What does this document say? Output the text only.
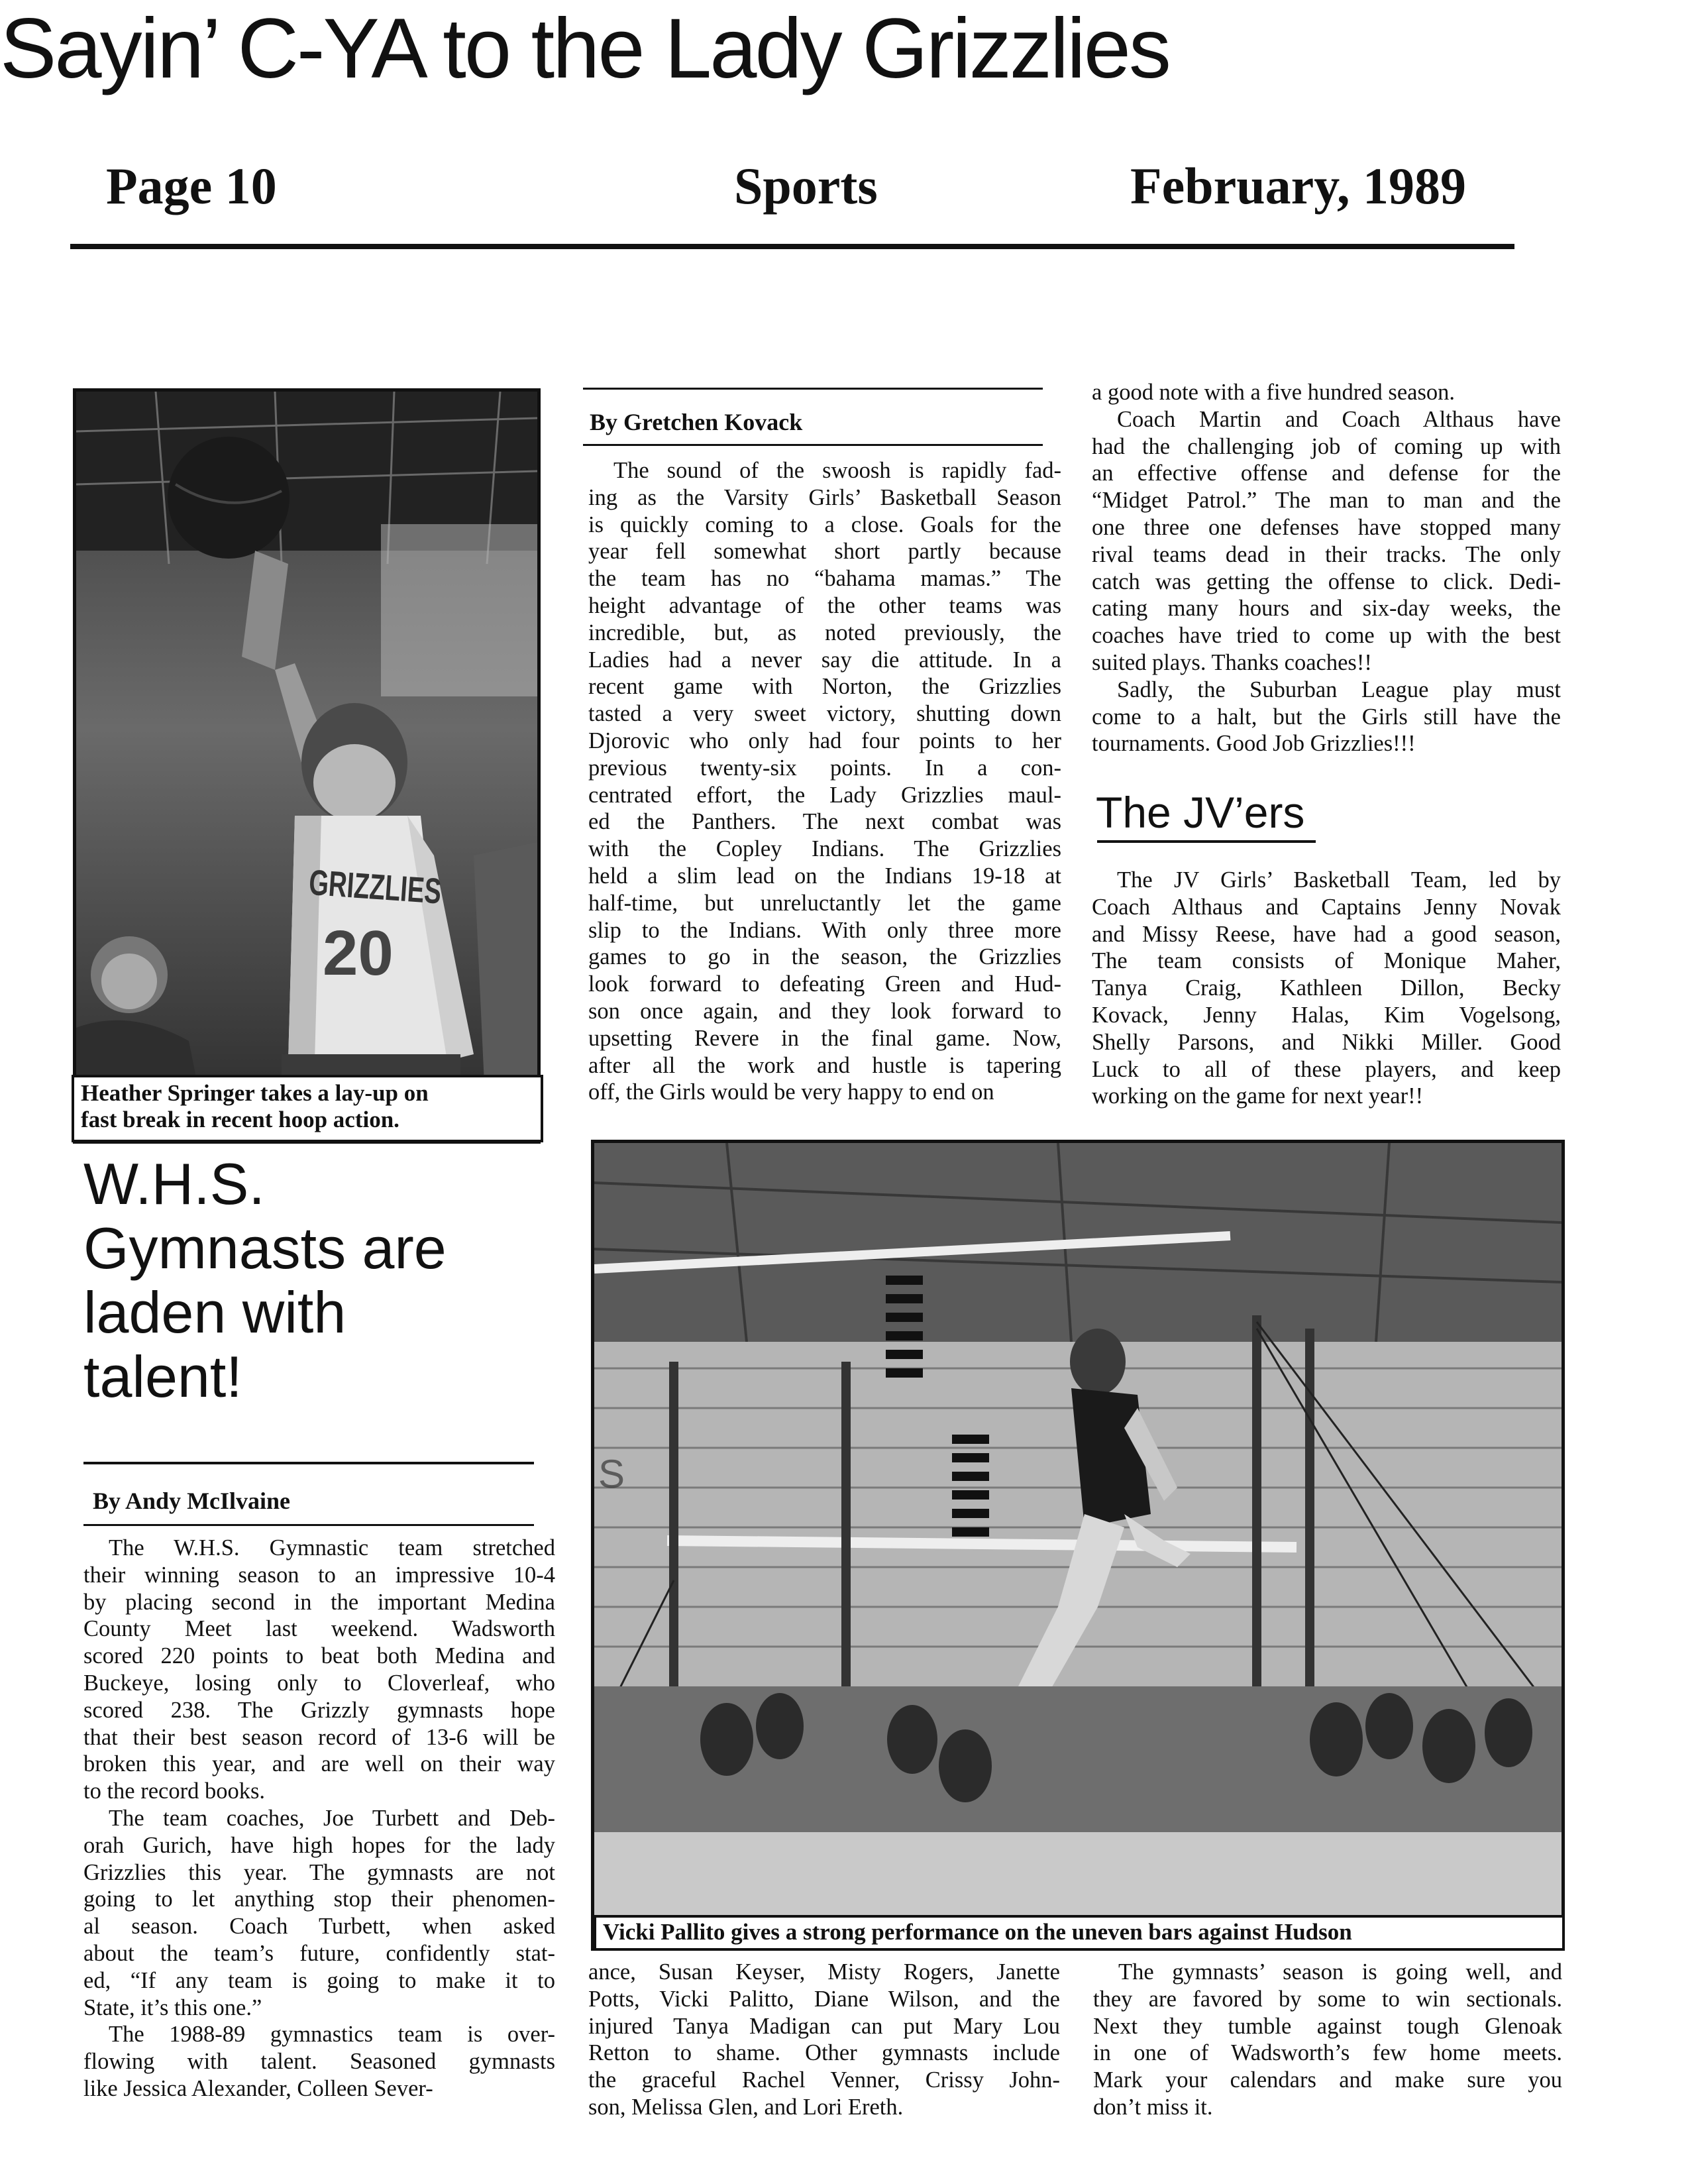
Page 10	Sports	February, 1989
Sayin’ C-YA to the Lady Grizzlies
GRIZZLIES
20
Heather Springer takes a lay-up on
fast break in recent hoop action.
By Gretchen Kovack

The sound of the swoosh is rapidly fad-

ing as the Varsity Girls’ Basketball Season

is quickly coming to a close. Goals for the

year fell somewhat short partly because

the team has no “bahama mamas.” The

height advantage of the other teams was

incredible, but, as noted previously, the

Ladies had a never say die attitude. In a

recent game with Norton, the Grizzlies

tasted a very sweet victory, shutting down

Djorovic who only had four points to her

previous twenty-six points. In a con-

centrated effort, the Lady Grizzlies maul-

ed the Panthers. The next combat was

with the Copley Indians. The Grizzlies

held a slim lead on the Indians 19-18 at

half-time, but unreluctantly let the game

slip to the Indians. With only three more

games to go in the season, the Grizzlies

look forward to defeating Green and Hud-

son once again, and they look forward to

upsetting Revere in the final game. Now,

after all the work and hustle is tapering

off, the Girls would be very happy to end on

a good note with a five hundred season.

Coach Martin and Coach Althaus have

had the challenging job of coming up with

an effective offense and defense for the

“Midget Patrol.” The man to man and the

one three one defenses have stopped many

rival teams dead in their tracks. The only

catch was getting the offense to click. Dedi-

cating many hours and six-day weeks, the

coaches have tried to come up with the best

suited plays. Thanks coaches!!

Sadly, the Suburban League play must

come to a halt, but the Girls still have the

tournaments. Good Job Grizzlies!!!

The JV’ers

The JV Girls’ Basketball Team, led by

Coach Althaus and Captains Jenny Novak

and Missy Reese, have had a good season,

The team consists of Monique Maher,

Tanya Craig, Kathleen Dillon, Becky

Kovack, Jenny Halas, Kim Vogelsong,

Shelly Parsons, and Nikki Miller. Good

Luck to all of these players, and keep

working on the game for next year!!

W.H.S.
Gymnasts are
laden with
talent!
By Andy McIlvaine

The W.H.S. Gymnastic team stretched

their winning season to an impressive 10-4

by placing second in the important Medina

County Meet last weekend. Wadsworth

scored 220 points to beat both Medina and

Buckeye, losing only to Cloverleaf, who

scored 238. The Grizzly gymnasts hope

that their best season record of 13-6 will be

broken this year, and are well on their way

to the record books.

The team coaches, Joe Turbett and Deb-

orah Gurich, have high hopes for the lady

Grizzlies this year. The gymnasts are not

going to let anything stop their phenomen-

al season. Coach Turbett, when asked

about the team’s future, confidently stat-

ed, “If any team is going to make it to

State, it’s this one.”

The 1988-89 gymnastics team is over-

flowing with talent. Seasoned gymnasts

like Jessica Alexander, Colleen Sever-

S
Vicki Pallito gives a strong performance on the uneven bars against Hudson

ance, Susan Keyser, Misty Rogers, Janette

Potts, Vicki Palitto, Diane Wilson, and the

injured Tanya Madigan can put Mary Lou

Retton to shame. Other gymnasts include

the graceful Rachel Venner, Crissy John-

son, Melissa Glen, and Lori Ereth.

The gymnasts’ season is going well, and

they are favored by some to win sectionals.

Next they tumble against tough Glenoak

in one of Wadsworth’s few home meets.

Mark your calendars and make sure you

don’t miss it.
